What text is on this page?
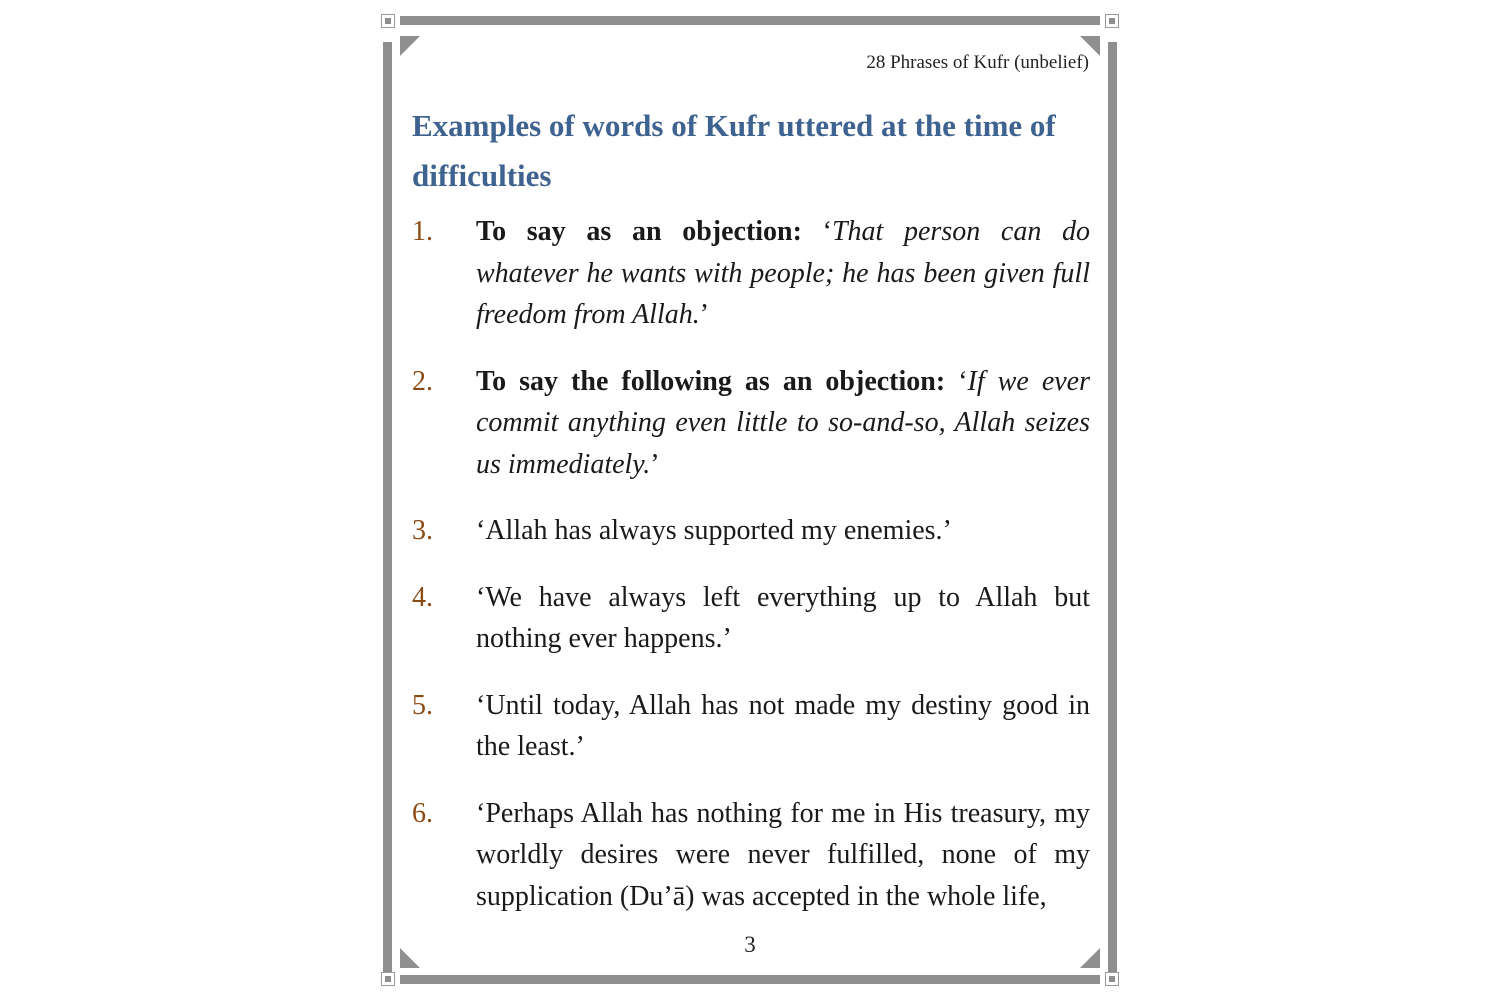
28 Phrases of Kufr (unbelief)
Examples of words of Kufr uttered at the time of difficulties
1. To say as an objection: ‘That person can do whatever he wants with people; he has been given full freedom from Allah.’
2. To say the following as an objection: ‘If we ever commit anything even little to so-and-so, Allah seizes us immediately.’
3. ‘Allah has always supported my enemies.’
4. ‘We have always left everything up to Allah but nothing ever happens.’
5. ‘Until today, Allah has not made my destiny good in the least.’
6. ‘Perhaps Allah has nothing for me in His treasury, my worldly desires were never fulfilled, none of my supplication (Du’ā) was accepted in the whole life,
3
